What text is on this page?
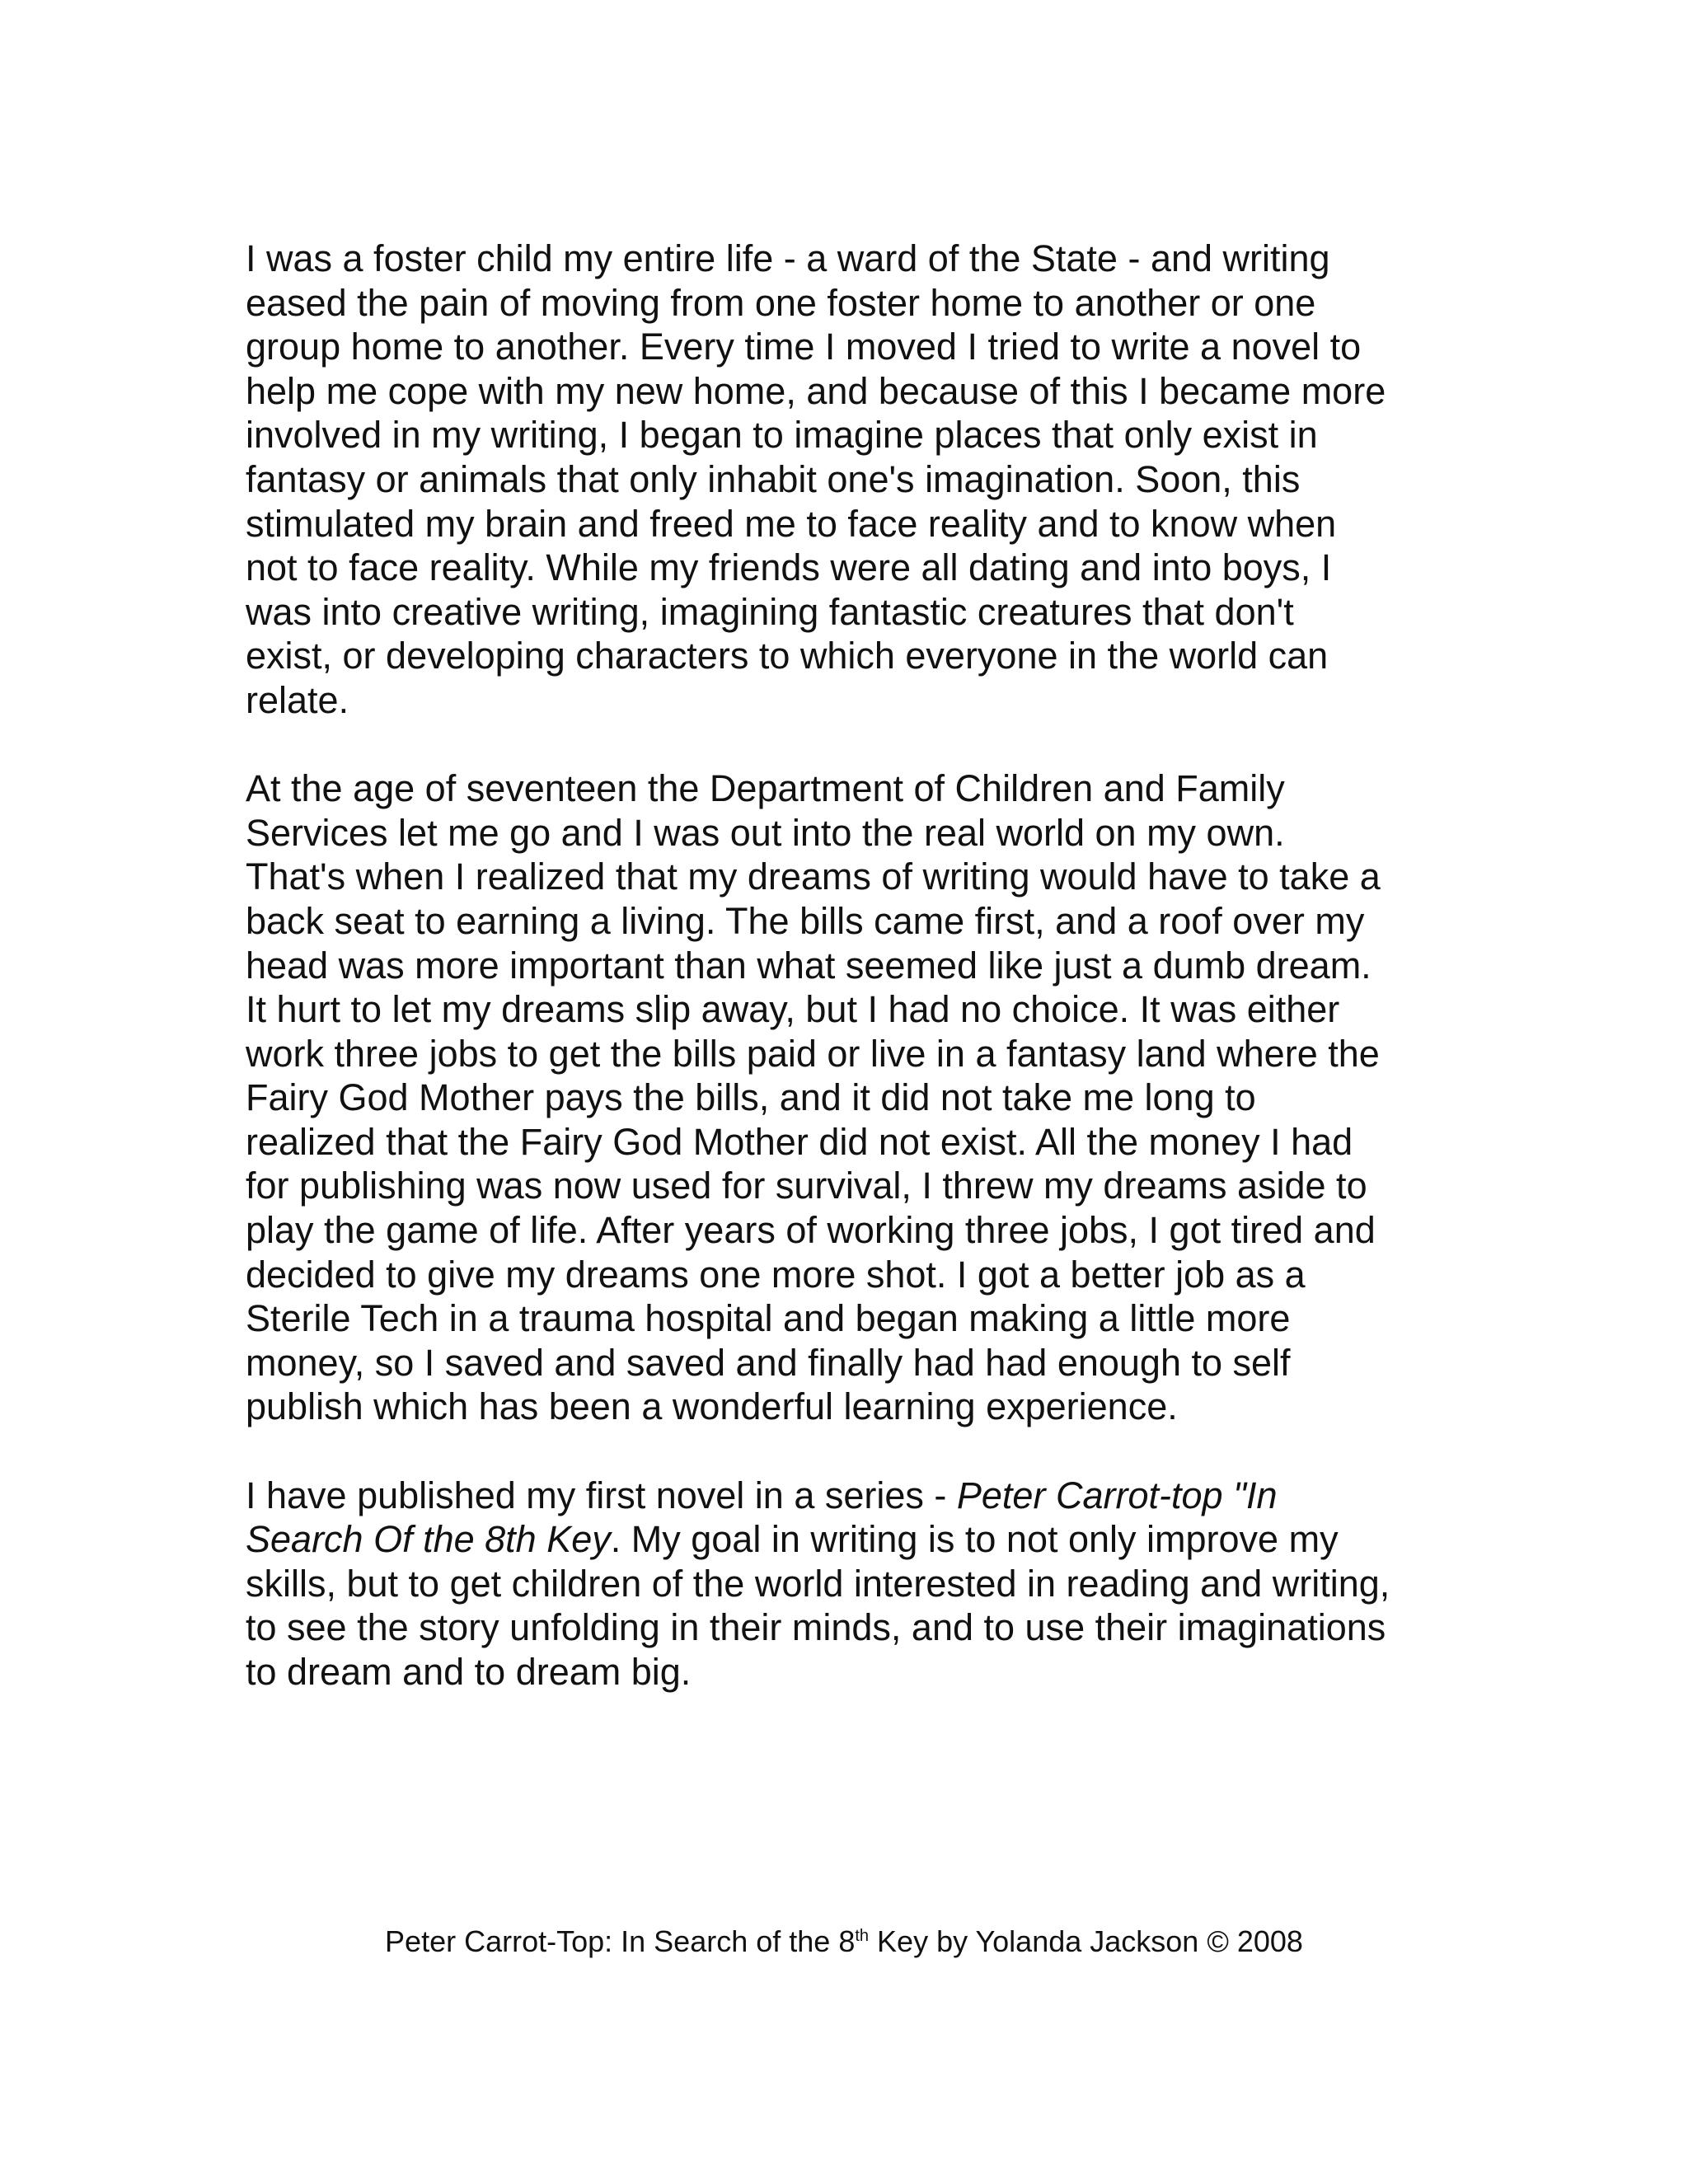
I was a foster child my entire life - a ward of the State - and writing
eased the pain of moving from one foster home to another or one
group home to another. Every time I moved I tried to write a novel to
help me cope with my new home, and because of this I became more
involved in my writing, I began to imagine places that only exist in
fantasy or animals that only inhabit one's imagination. Soon, this
stimulated my brain and freed me to face reality and to know when
not to face reality. While my friends were all dating and into boys, I
was into creative writing, imagining fantastic creatures that don't
exist, or developing characters to which everyone in the world can
relate.

At the age of seventeen the Department of Children and Family
Services let me go and I was out into the real world on my own.
That's when I realized that my dreams of writing would have to take a
back seat to earning a living. The bills came first, and a roof over my
head was more important than what seemed like just a dumb dream.
It hurt to let my dreams slip away, but I had no choice. It was either
work three jobs to get the bills paid or live in a fantasy land where the
Fairy God Mother pays the bills, and it did not take me long to
realized that the Fairy God Mother did not exist. All the money I had
for publishing was now used for survival, I threw my dreams aside to
play the game of life. After years of working three jobs, I got tired and
decided to give my dreams one more shot. I got a better job as a
Sterile Tech in a trauma hospital and began making a little more
money, so I saved and saved and finally had had enough to self
publish which has been a wonderful learning experience.

I have published my first novel in a series - Peter Carrot-top "In
Search Of the 8th Key. My goal in writing is to not only improve my
skills, but to get children of the world interested in reading and writing,
to see the story unfolding in their minds, and to use their imaginations
to dream and to dream big.

Peter Carrot-Top: In Search of the 8th Key by Yolanda Jackson © 2008
